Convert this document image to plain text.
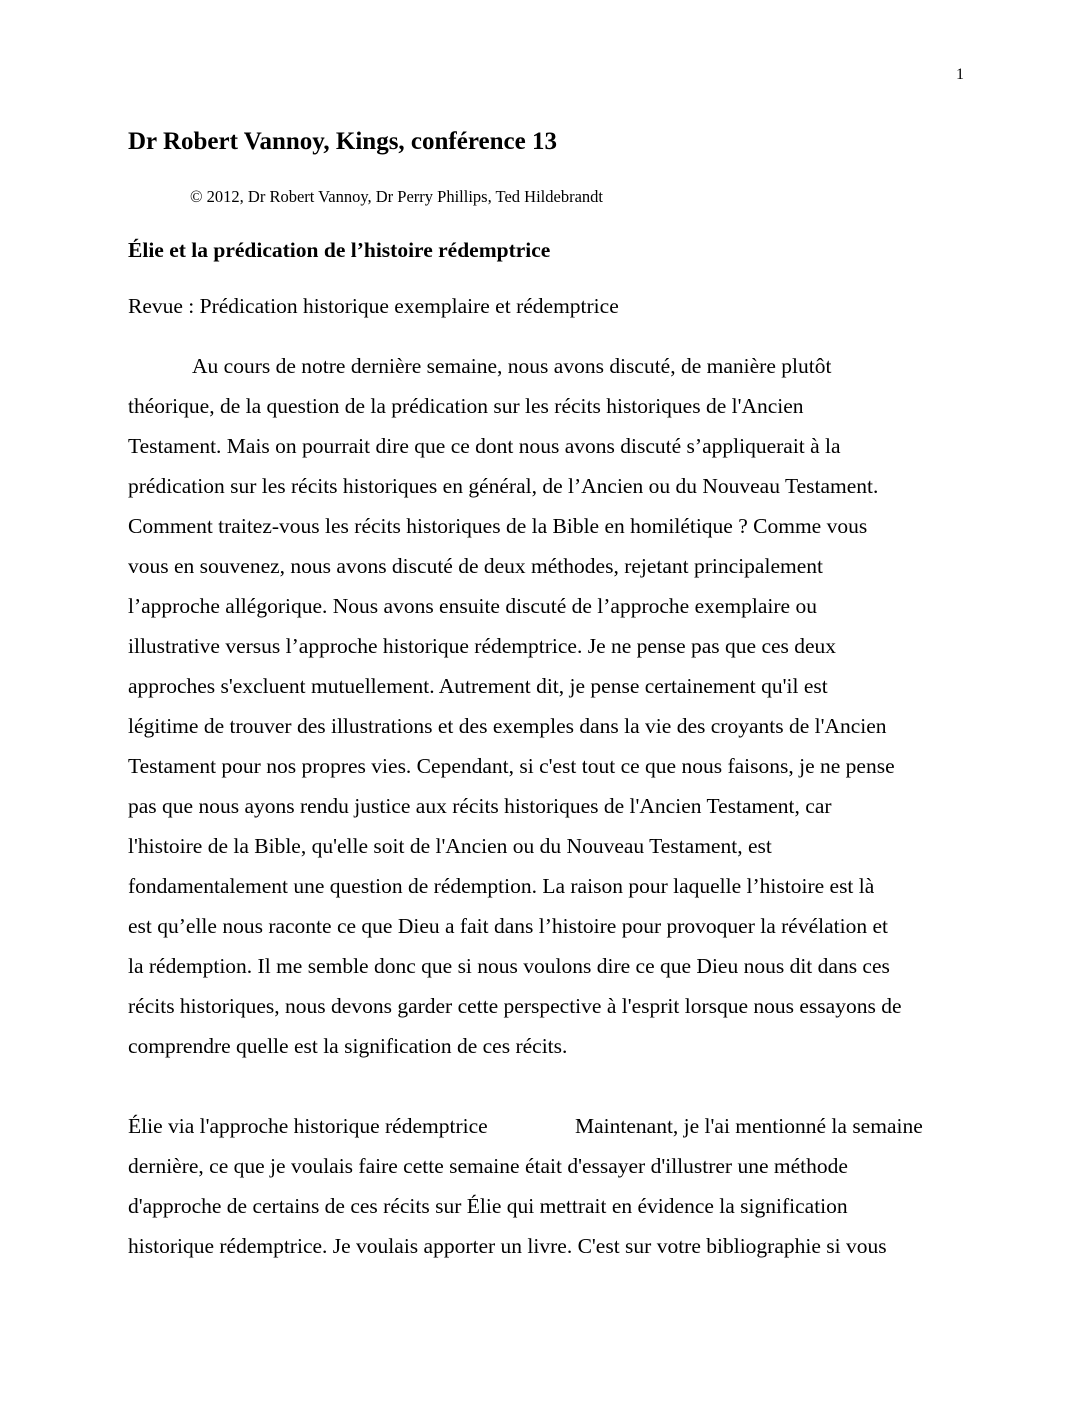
1
Dr Robert Vannoy, Kings, conférence 13
© 2012, Dr Robert Vannoy, Dr Perry Phillips, Ted Hildebrandt
Élie et la prédication de l’histoire rédemptrice
Revue : Prédication historique exemplaire et rédemptrice
Au cours de notre dernière semaine, nous avons discuté, de manière plutôt
théorique, de la question de la prédication sur les récits historiques de l'Ancien
Testament. Mais on pourrait dire que ce dont nous avons discuté s’appliquerait à la
prédication sur les récits historiques en général, de l’Ancien ou du Nouveau Testament.
Comment traitez-vous les récits historiques de la Bible en homilétique ? Comme vous
vous en souvenez, nous avons discuté de deux méthodes, rejetant principalement
l’approche allégorique. Nous avons ensuite discuté de l’approche exemplaire ou
illustrative versus l’approche historique rédemptrice. Je ne pense pas que ces deux
approches s'excluent mutuellement. Autrement dit, je pense certainement qu'il est
légitime de trouver des illustrations et des exemples dans la vie des croyants de l'Ancien
Testament pour nos propres vies. Cependant, si c'est tout ce que nous faisons, je ne pense
pas que nous ayons rendu justice aux récits historiques de l'Ancien Testament, car
l'histoire de la Bible, qu'elle soit de l'Ancien ou du Nouveau Testament, est
fondamentalement une question de rédemption. La raison pour laquelle l’histoire est là
est qu’elle nous raconte ce que Dieu a fait dans l’histoire pour provoquer la révélation et
la rédemption. Il me semble donc que si nous voulons dire ce que Dieu nous dit dans ces
récits historiques, nous devons garder cette perspective à l'esprit lorsque nous essayons de
comprendre quelle est la signification de ces récits.
Élie via l'approche historique rédemptrice	Maintenant, je l'ai mentionné la semaine
dernière, ce que je voulais faire cette semaine était d'essayer d'illustrer une méthode
d'approche de certains de ces récits sur Élie qui mettrait en évidence la signification
historique rédemptrice. Je voulais apporter un livre. C'est sur votre bibliographie si vous
